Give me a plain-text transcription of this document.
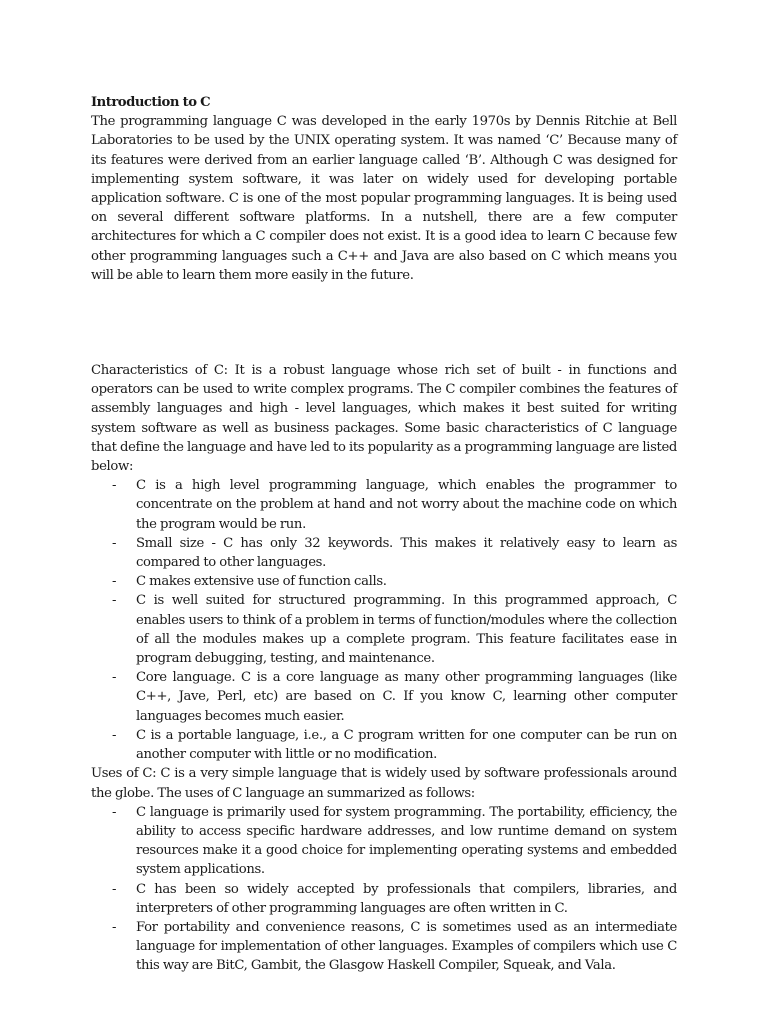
Introduction to C

The programming language C was developed in the early 1970s by Dennis Ritchie at Bell Laboratories to be used by the UNIX operating system. It was named ‘C’ Because many of its features were derived from an earlier language called ‘B’. Although C was designed for implementing system software, it was later on widely used for developing portable application software. C is one of the most popular programming languages. It is being used on several different software platforms. In a nutshell, there are a few computer architectures for which a C compiler does not exist. It is a good idea to learn C because few other programming languages such a C++ and Java are also based on C which means you will be able to learn them more easily in the future.

Characteristics of C: It is a robust language whose rich set of built - in functions and operators can be used to write complex programs. The C compiler combines the features of assembly languages and high - level languages, which makes it best suited for writing system software as well as business packages. Some basic characteristics of C language that define the language and have led to its popularity as a programming language are listed below:

- C is a high level programming language, which enables the programmer to concentrate on the problem at hand and not worry about the machine code on which the program would be run.
- Small size - C has only 32 keywords. This makes it relatively easy to learn as compared to other languages.
- C makes extensive use of function calls.
- C is well suited for structured programming. In this programmed approach, C enables users to think of a problem in terms of function/modules where the collection of all the modules makes up a complete program. This feature facilitates ease in program debugging, testing, and maintenance.
- Core language. C is a core language as many other programming languages (like C++, Jave, Perl, etc) are based on C. If you know C, learning other computer languages becomes much easier.
- C is a portable language, i.e., a C program written for one computer can be run on another computer with little or no modification.

Uses of C: C is a very simple language that is widely used by software professionals around the globe. The uses of C language an summarized as follows:

- C language is primarily used for system programming. The portability, efficiency, the ability to access specific hardware addresses, and low runtime demand on system resources make it a good choice for implementing operating systems and embedded system applications.
- C has been so widely accepted by professionals that compilers, libraries, and interpreters of other programming languages are often written in C.
- For portability and convenience reasons, C is sometimes used as an intermediate language for implementation of other languages. Examples of compilers which use C this way are BitC, Gambit, the Glasgow Haskell Compiler, Squeak, and Vala.
